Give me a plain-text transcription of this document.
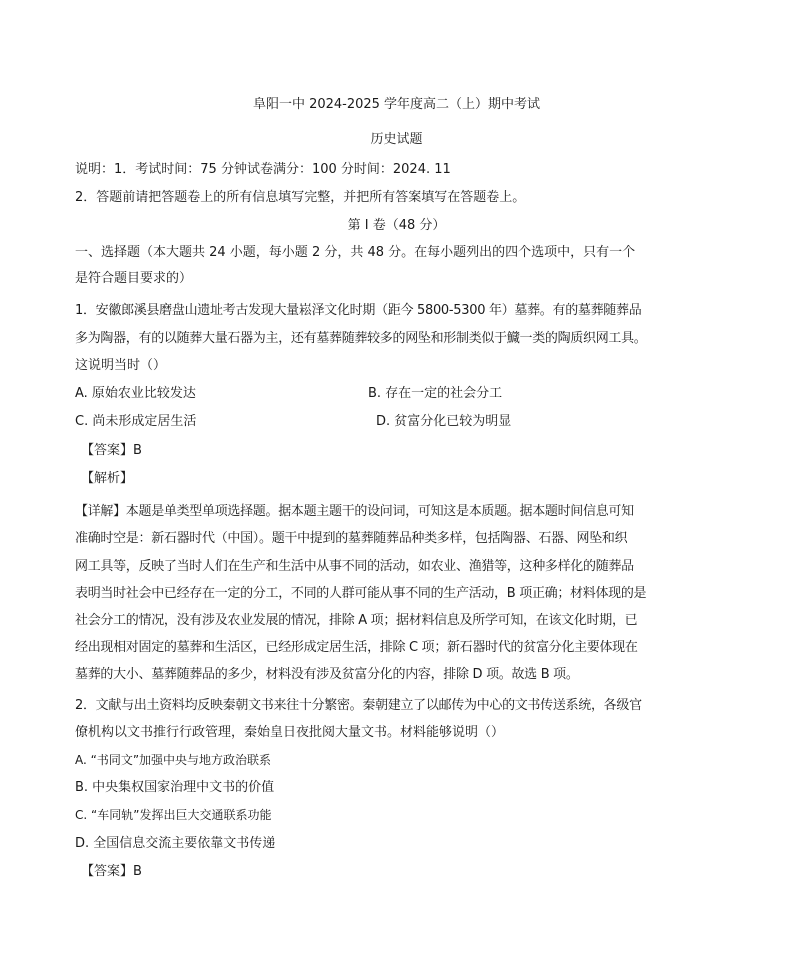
阜阳一中 2024-2025 学年度高二（上）期中考试
历史试题
说明：1．考试时间：75 分钟试卷满分：100 分时间：2024. 11
2．答题前请把答题卷上的所有信息填写完整，并把所有答案填写在答题卷上。
第 I 卷（48 分）
一、选择题（本大题共 24 小题，每小题 2 分，共 48 分。在每小题列出的四个选项中，只有一个
是符合题目要求的）
1．安徽郎溪县磨盘山遗址考古发现大量崧泽文化时期（距今 5800-5300 年）墓葬。有的墓葬随葬品
多为陶器，有的以随葬大量石器为主，还有墓葬随葬较多的网坠和形制类似于鱵一类的陶质织网工具。
这说明当时（）
A. 原始农业比较发达	B. 存在一定的社会分工
C. 尚未形成定居生活	D. 贫富分化已较为明显
【答案】B
【解析】
【详解】本题是单类型单项选择题。据本题主题干的设问词，可知这是本质题。据本题时间信息可知
准确时空是：新石器时代（中国）。题干中提到的墓葬随葬品种类多样，包括陶器、石器、网坠和织
网工具等，反映了当时人们在生产和生活中从事不同的活动，如农业、渔猎等，这种多样化的随葬品
表明当时社会中已经存在一定的分工，不同的人群可能从事不同的生产活动，B 项正确；材料体现的是
社会分工的情况，没有涉及农业发展的情况，排除 A 项；据材料信息及所学可知，在该文化时期，已
经出现相对固定的墓葬和生活区，已经形成定居生活，排除 C 项；新石器时代的贫富分化主要体现在
墓葬的大小、墓葬随葬品的多少，材料没有涉及贫富分化的内容，排除 D 项。故选 B 项。
2．文献与出土资料均反映秦朝文书来往十分繁密。秦朝建立了以邮传为中心的文书传送系统，各级官
僚机构以文书推行行政管理，秦始皇日夜批阅大量文书。材料能够说明（）
A. “书同文”加强中央与地方政治联系
B. 中央集权国家治理中文书的价值
C. “车同轨”发挥出巨大交通联系功能
D. 全国信息交流主要依靠文书传递
【答案】B
